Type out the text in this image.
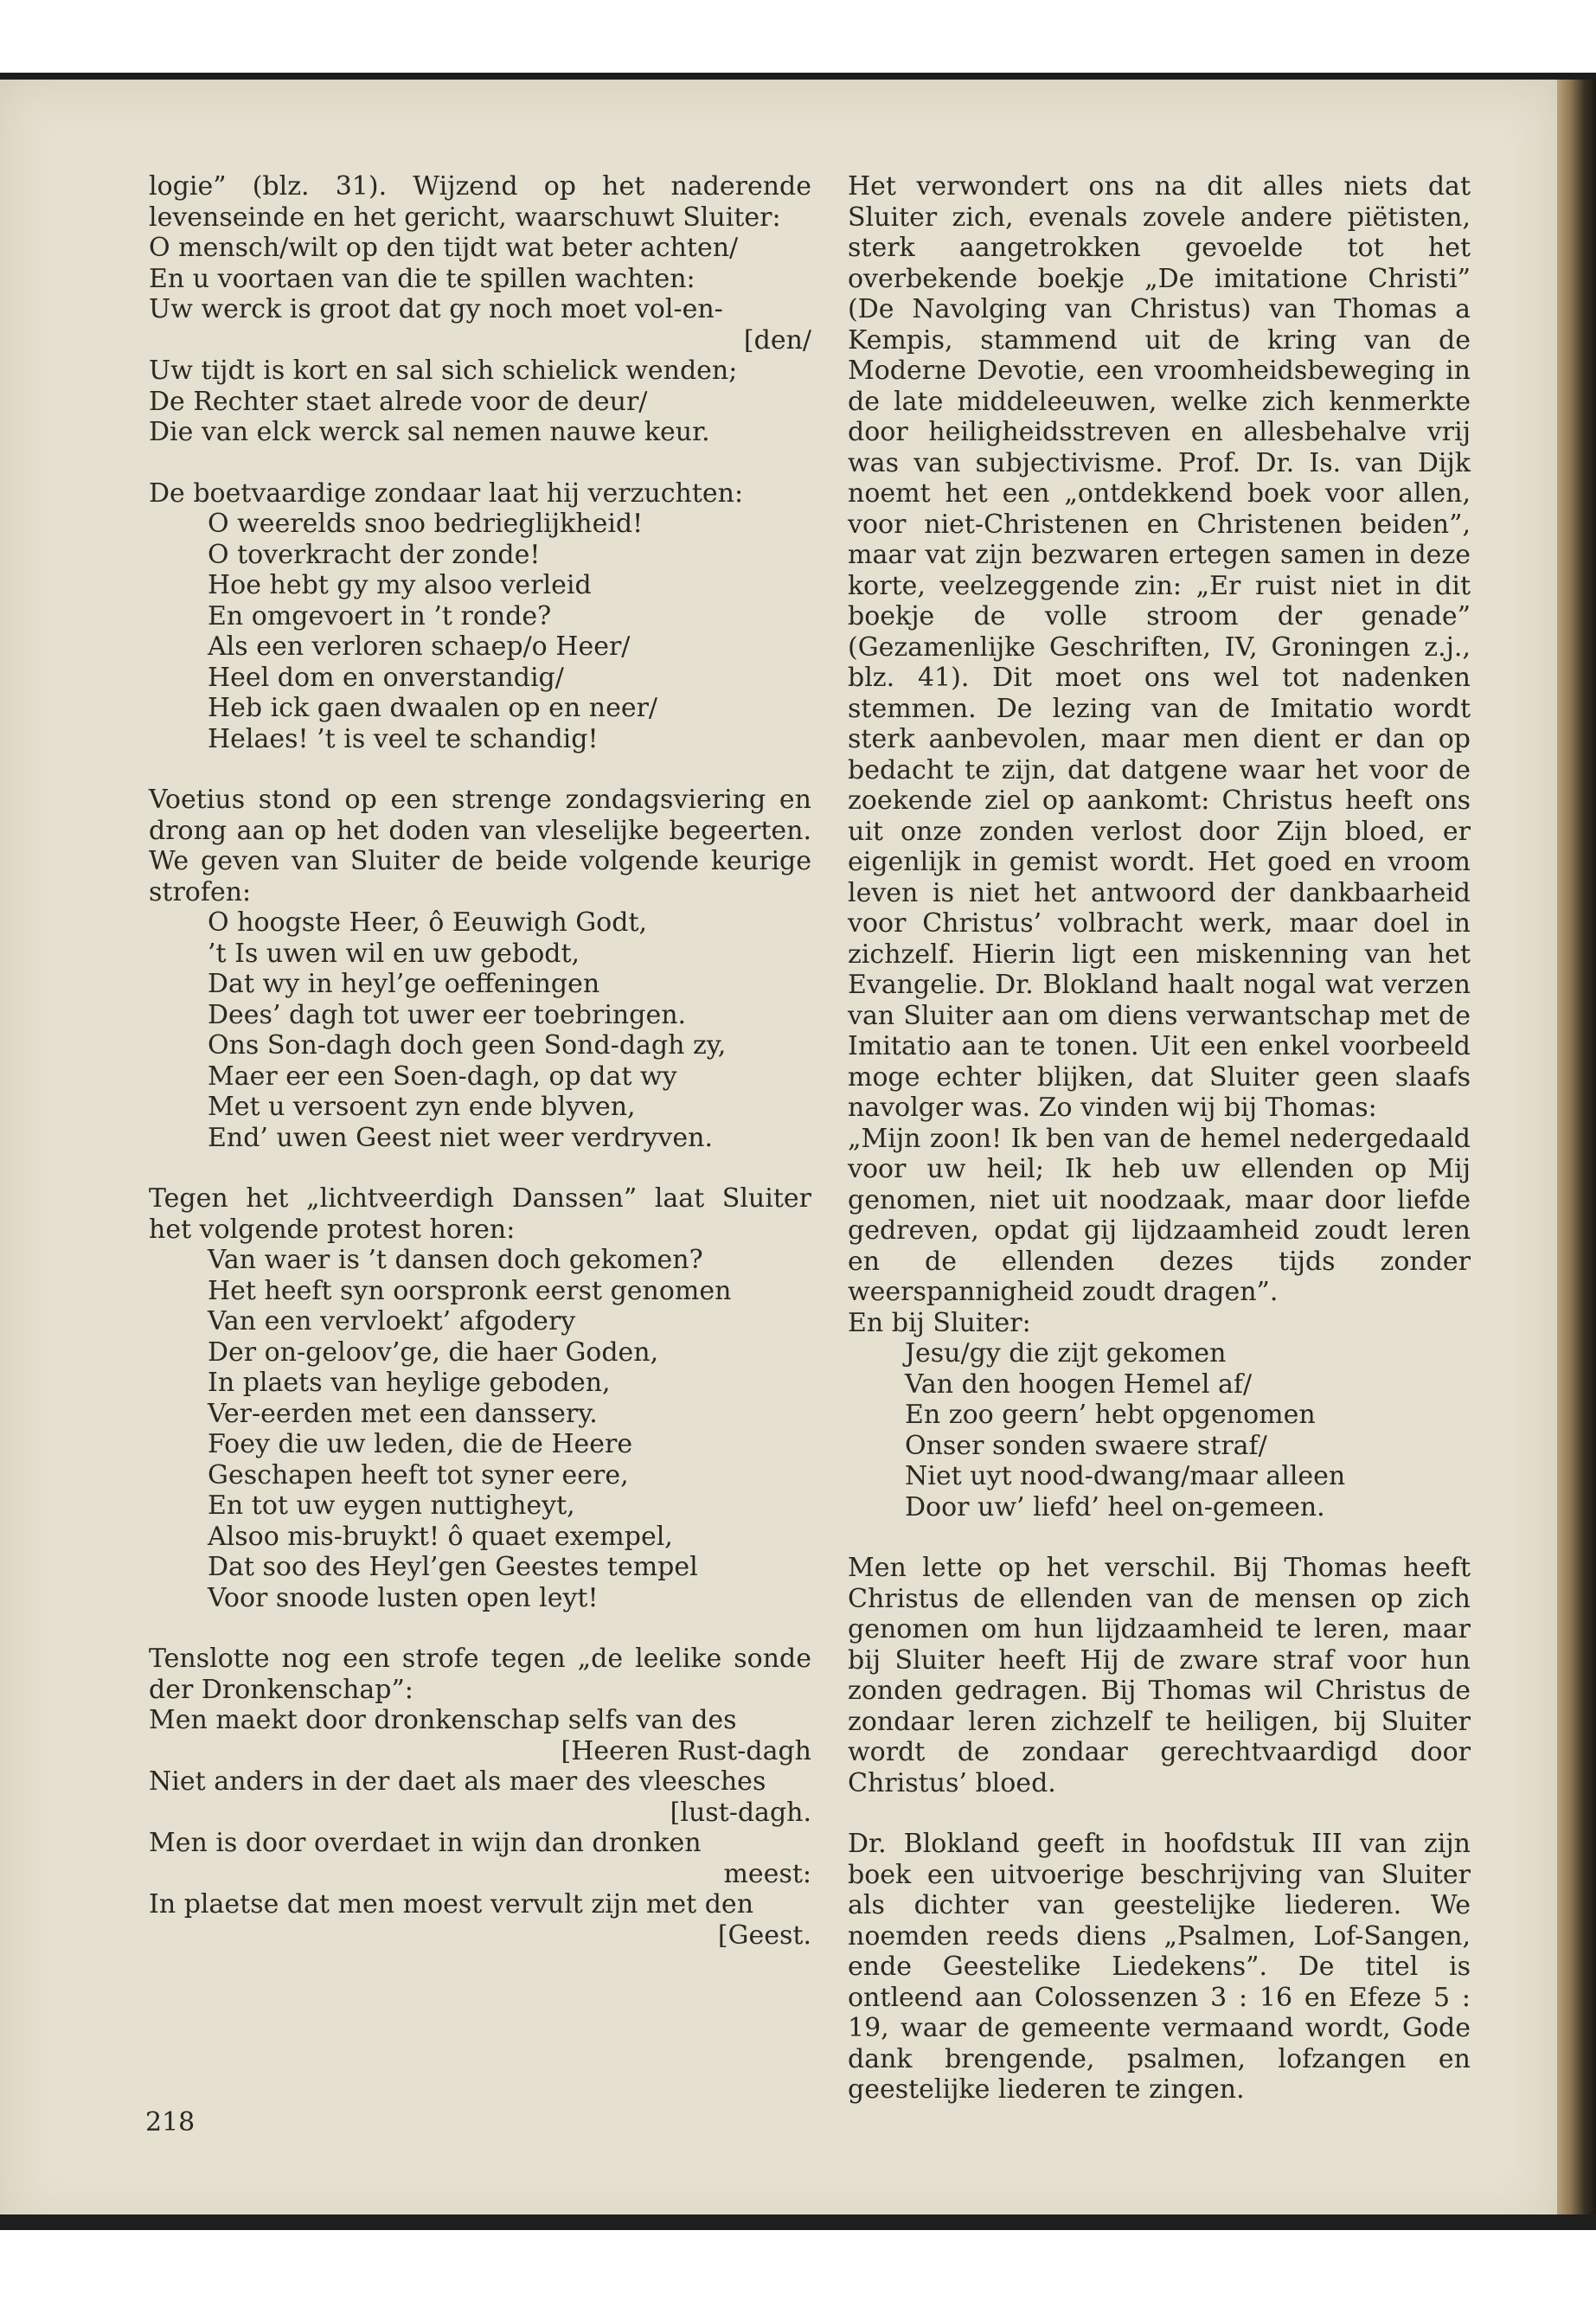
logie” (blz. 31). Wijzend op het naderende levenseinde en het gericht, waarschuwt Sluiter:

O mensch/wilt op den tijdt wat beter achten/
En u voortaen van die te spillen wachten:
Uw werck is groot dat gy noch moet vol-en-
[den/
Uw tijdt is kort en sal sich schielick wenden;
De Rechter staet alrede voor de deur/
Die van elck werck sal nemen nauwe keur.

De boetvaardige zondaar laat hij verzuchten:

O weerelds snoo bedrieglijkheid!
O toverkracht der zonde!
Hoe hebt gy my alsoo verleid
En omgevoert in ’t ronde?
Als een verloren schaep/o Heer/
Heel dom en onverstandig/
Heb ick gaen dwaalen op en neer/
Helaes! ’t is veel te schandig!

Voetius stond op een strenge zondagsviering en drong aan op het doden van vleselijke begeerten. We geven van Sluiter de beide volgende keurige strofen:

O hoogste Heer, ô Eeuwigh Godt,
’t Is uwen wil en uw gebodt,
Dat wy in heyl’ge oeffeningen
Dees’ dagh tot uwer eer toebringen.
Ons Son-dagh doch geen Sond-dagh zy,
Maer eer een Soen-dagh, op dat wy
Met u versoent zyn ende blyven,
End’ uwen Geest niet weer verdryven.

Tegen het „lichtveerdigh Danssen” laat Sluiter het volgende protest horen:

Van waer is ’t dansen doch gekomen?
Het heeft syn oorspronk eerst genomen
Van een vervloekt’ afgodery
Der on-geloov’ge, die haer Goden,
In plaets van heylige geboden,
Ver-eerden met een danssery.
Foey die uw leden, die de Heere
Geschapen heeft tot syner eere,
En tot uw eygen nuttigheyt,
Alsoo mis-bruykt! ô quaet exempel,
Dat soo des Heyl’gen Geestes tempel
Voor snoode lusten open leyt!

Tenslotte nog een strofe tegen „de leelike sonde der Dronkenschap”:

Men maekt door dronkenschap selfs van des

[Heeren Rust-dagh

Niet anders in der daet als maer des vleesches

[lust-dagh.

Men is door overdaet in wijn dan dronken

meest:

In plaetse dat men moest vervult zijn met den

[Geest.
218

Het verwondert ons na dit alles niets dat Sluiter zich, evenals zovele andere piëtisten, sterk aangetrokken gevoelde tot het overbekende boekje „De imitatione Christi” (De Navolging van Christus) van Thomas a Kempis, stammend uit de kring van de Moderne Devotie, een vroomheidsbeweging in de late middeleeuwen, welke zich kenmerkte door heiligheidsstreven en allesbehalve vrij was van subjectivisme. Prof. Dr. Is. van Dijk noemt het een „ontdekkend boek voor allen, voor niet-Christenen en Christenen beiden”, maar vat zijn bezwaren ertegen samen in deze korte, veelzeggende zin: „Er ruist niet in dit boekje de volle stroom der genade” (Gezamenlijke Geschriften, IV, Groningen z.j., blz. 41). Dit moet ons wel tot nadenken stemmen. De lezing van de Imitatio wordt sterk aanbevolen, maar men dient er dan op bedacht te zijn, dat datgene waar het voor de zoekende ziel op aankomt: Christus heeft ons uit onze zonden verlost door Zijn bloed, er eigenlijk in gemist wordt. Het goed en vroom leven is niet het antwoord der dankbaarheid voor Christus’ volbracht werk, maar doel in zichzelf. Hierin ligt een miskenning van het Evangelie. Dr. Blokland haalt nogal wat verzen van Sluiter aan om diens verwantschap met de Imitatio aan te tonen. Uit een enkel voorbeeld moge echter blijken, dat Sluiter geen slaafs navolger was. Zo vinden wij bij Thomas:

„Mijn zoon! Ik ben van de hemel nedergedaald voor uw heil; Ik heb uw ellenden op Mij genomen, niet uit noodzaak, maar door liefde gedreven, opdat gij lijdzaamheid zoudt leren en de ellenden dezes tijds zonder weerspannigheid zoudt dragen”.

En bij Sluiter:

Jesu/gy die zijt gekomen
Van den hoogen Hemel af/
En zoo geern’ hebt opgenomen
Onser sonden swaere straf/
Niet uyt nood-dwang/maar alleen
Door uw’ liefd’ heel on-gemeen.

Men lette op het verschil. Bij Thomas heeft Christus de ellenden van de mensen op zich genomen om hun lijdzaamheid te leren, maar bij Sluiter heeft Hij de zware straf voor hun zonden gedragen. Bij Thomas wil Christus de zondaar leren zichzelf te heiligen, bij Sluiter wordt de zondaar gerechtvaardigd door Christus’ bloed.

Dr. Blokland geeft in hoofdstuk III van zijn boek een uitvoerige beschrijving van Sluiter als dichter van geestelijke liederen. We noemden reeds diens „Psalmen, Lof-Sangen, ende Geestelike Liedekens”. De titel is ontleend aan Colossenzen 3 : 16 en Efeze 5 : 19, waar de gemeente vermaand wordt, Gode dank brengende, psalmen, lofzangen en geestelijke liederen te zingen.
